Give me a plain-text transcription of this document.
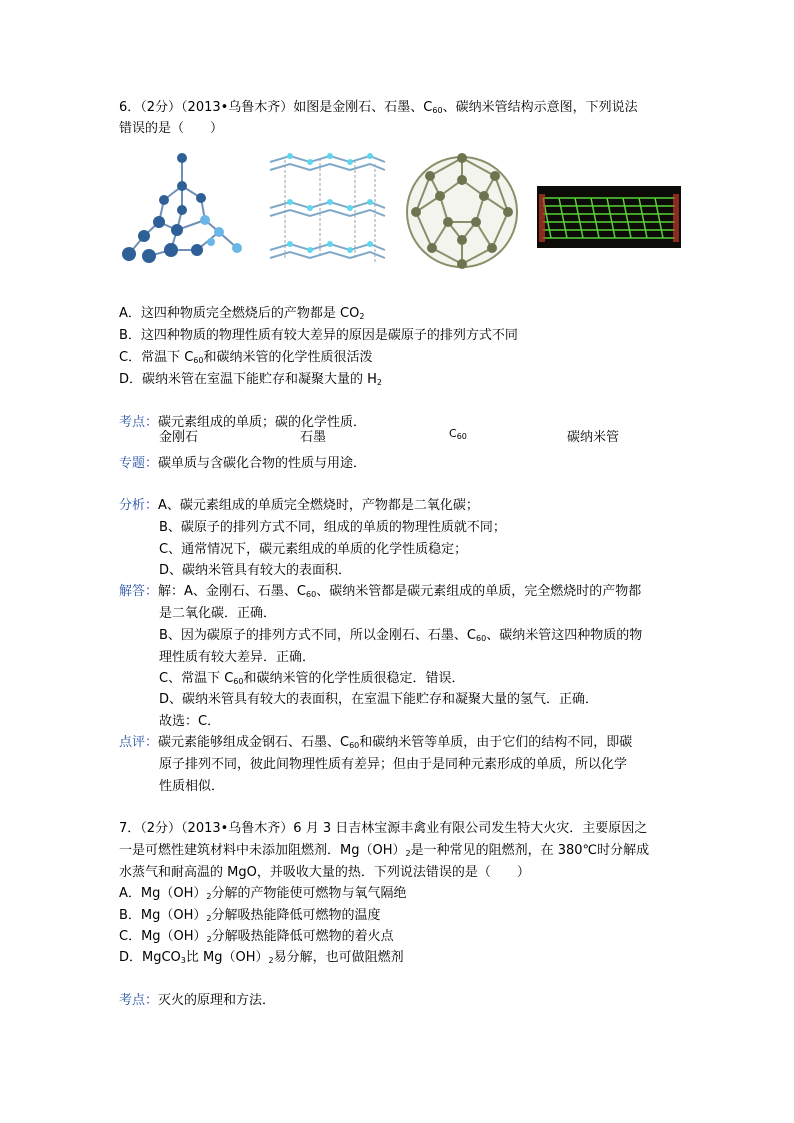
6．（2分）（2013•乌鲁木齐）如图是金刚石、石墨、$C_{60}$、碳纳米管结构示意图，下列说法
错误的是（　　）
金刚石	石墨	$C_{60}$	碳纳米管
A．这四种物质完全燃烧后的产物都是 $CO_2$
B．这四种物质的物理性质有较大差异的原因是碳原子的排列方式不同
C．常温下 $C_{60}$和碳纳米管的化学性质很活泼
D．碳纳米管在室温下能贮存和凝聚大量的 $H_2$
考点：碳元素组成的单质；碳的化学性质．
专题：碳单质与含碳化合物的性质与用途．
分析：A、碳元素组成的单质完全燃烧时，产物都是二氧化碳；
B、碳原子的排列方式不同，组成的单质的物理性质就不同；
C、通常情况下，碳元素组成的单质的化学性质稳定；
D、碳纳米管具有较大的表面积．
解答：解：A、金刚石、石墨、$C_{60}$、碳纳米管都是碳元素组成的单质，完全燃烧时的产物都
是二氧化碳．正确．
B、因为碳原子的排列方式不同，所以金刚石、石墨、$C_{60}$、碳纳米管这四种物质的物
理性质有较大差异．正确．
C、常温下 $C_{60}$和碳纳米管的化学性质很稳定．错误．
D、碳纳米管具有较大的表面积，在室温下能贮存和凝聚大量的氢气．正确．
故选：C．
点评：碳元素能够组成金钢石、石墨、$C_{60}$和碳纳米管等单质，由于它们的结构不同，即碳
原子排列不同，彼此间物理性质有差异；但由于是同种元素形成的单质，所以化学
性质相似．
7．（2分）（2013•乌鲁木齐）6 月 3 日吉林宝源丰禽业有限公司发生特大火灾．主要原因之
一是可燃性建筑材料中未添加阻燃剂．$Mg(OH)_2$是一种常见的阻燃剂，在 380℃时分解成
水蒸气和耐高温的 MgO，并吸收大量的热．下列说法错误的是（　　）
A．$Mg(OH)_2$分解的产物能使可燃物与氧气隔绝
B．$Mg(OH)_2$分解吸热能降低可燃物的温度
C．$Mg(OH)_2$分解吸热能降低可燃物的着火点
D．MgCO$_3$比 $Mg(OH)_2$易分解，也可做阻燃剂
考点：灭火的原理和方法．
